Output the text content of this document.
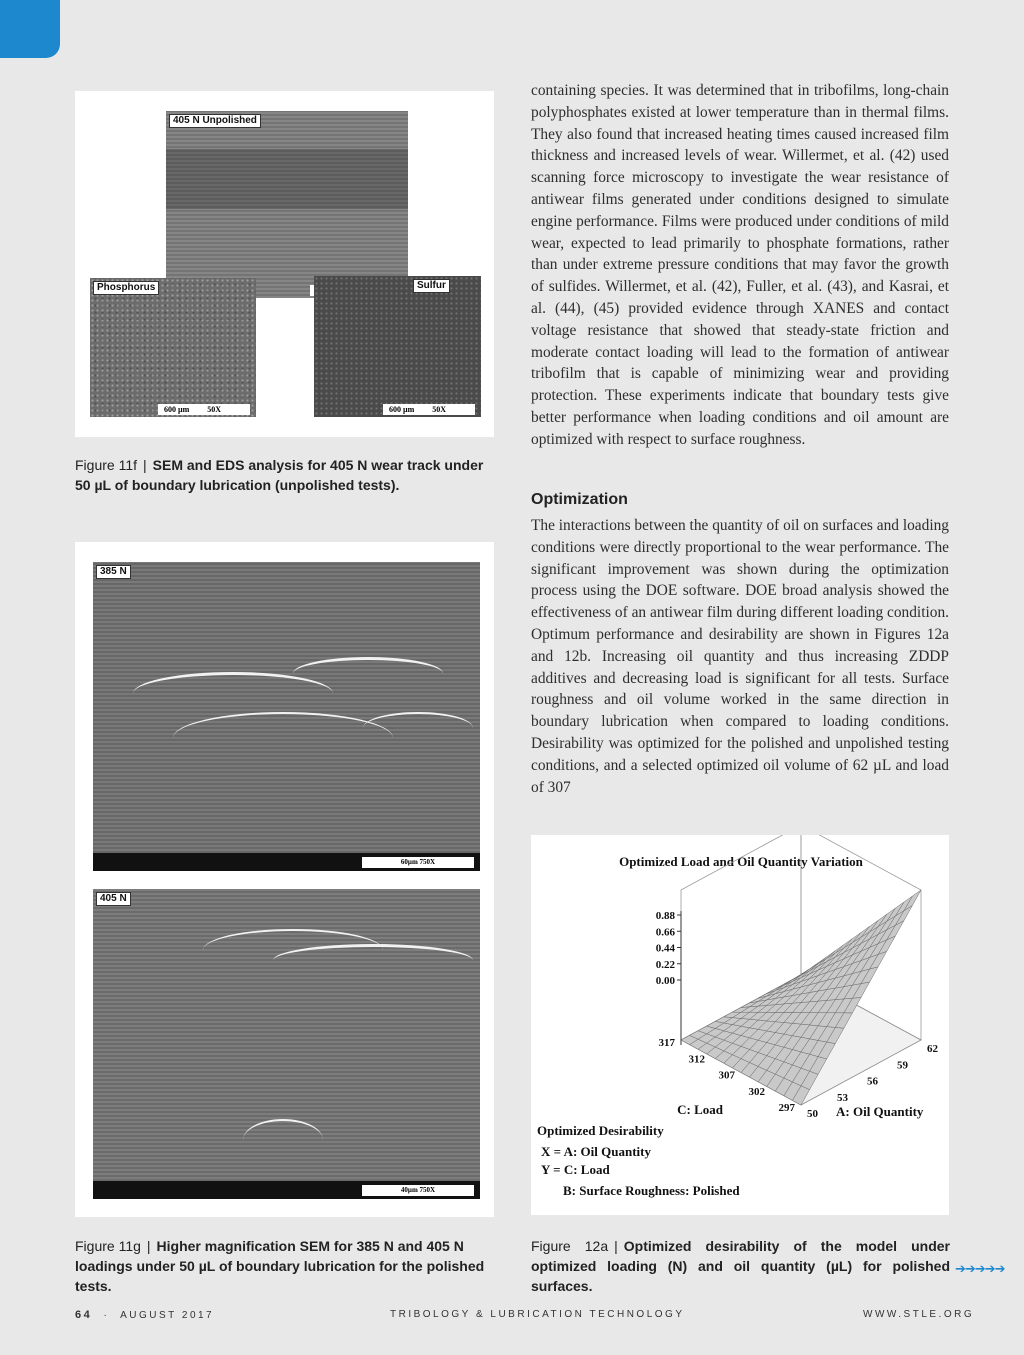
405 N Unpolished
Phosphorus
600 µm 50X
Sulfur
600 µm 50X
Figure 11f | SEM and EDS analysis for 405 N wear track under 50 µL of boundary lubrication (unpolished tests).
385 N
60µm 750X
405 N
40µm 750X
Figure 11g | Higher magnification SEM for 385 N and 405 N loadings under 50 µL of boundary lubrication for the polished tests.

containing species. It was determined that in tribofilms, long-chain polyphosphates existed at lower temperature than in thermal films. They also found that increased heating times caused increased film thickness and increased levels of wear. Willermet, et al. (42) used scanning force microscopy to investigate the wear resistance of antiwear films generated under conditions designed to simulate engine performance. Films were produced under conditions of mild wear, expected to lead primarily to phosphate formations, rather than under extreme pressure conditions that may favor the growth of sulfides. Willermet, et al. (42), Fuller, et al. (43), and Kasrai, et al. (44), (45) provided evidence through XANES and contact voltage resistance that showed that steady-state friction and moderate contact loading will lead to the formation of antiwear tribofilm that is capable of minimizing wear and providing protection. These experiments indicate that boundary tests give better performance when loading conditions and oil amount are optimized with respect to surface roughness.

Optimization

The interactions between the quantity of oil on surfaces and loading conditions were directly proportional to the wear performance. The significant improvement was shown during the optimization process using the DOE software. DOE broad analysis showed the effectiveness of an antiwear film during different loading condition. Optimum performance and desirability are shown in Figures 12a and 12b. Increasing oil quantity and thus increasing ZDDP additives and decreasing load is significant for all tests. Surface roughness and oil volume worked in the same direction in boundary lubrication when compared to loading conditions. Desirability was optimized for the polished and unpolished testing conditions, and a selected optimized oil volume of 62 µL and load of 307

Optimized Load and Oil Quantity Variation
0.88
0.66
0.44
0.22
0.00
317
312
307
302
297 50
53
56
59
62
C: Load	A: Oil Quantity
Optimized Desirability
X = A: Oil Quantity
Y = C: Load
B: Surface Roughness: Polished
Figure 12a | Optimized desirability of the model under optimized loading (N) and oil quantity (µL) for polished surfaces.
➔➔➔➔➔
64 · AUGUST 2017	TRIBOLOGY & LUBRICATION TECHNOLOGY	WWW.STLE.ORG
